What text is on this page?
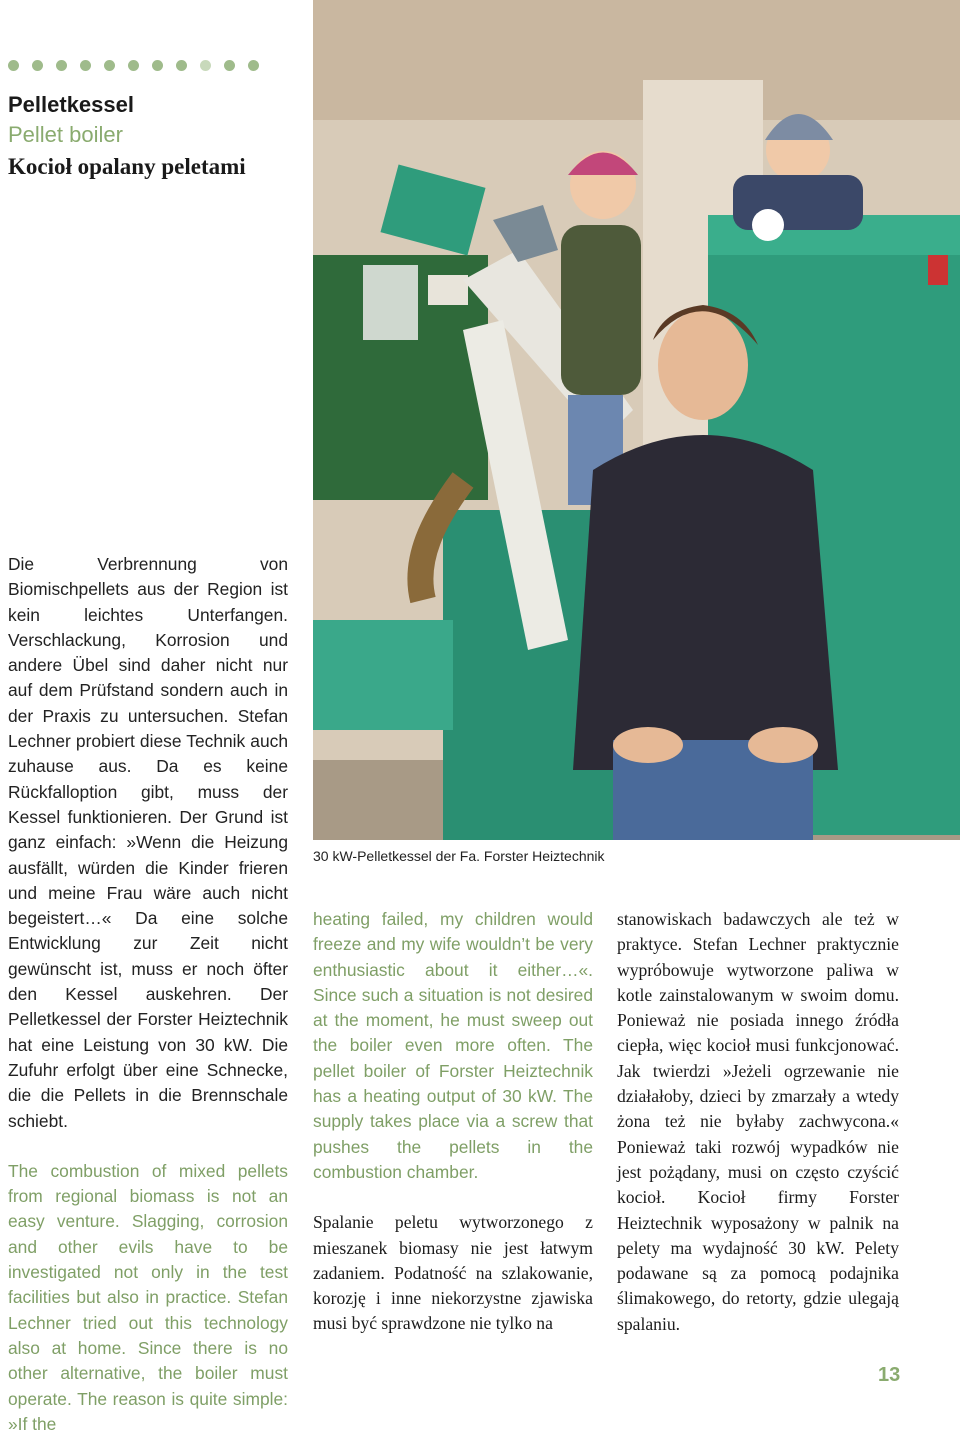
Pelletkessel
Pellet boiler
Kocioł opalany peletami
30 kW-Pelletkessel der Fa. Forster Heiztechnik

Die Verbrennung von Biomischpellets aus der Region ist kein leichtes Unterfangen. Verschlackung, Korrosion und andere Übel sind daher nicht nur auf dem Prüfstand sondern auch in der Praxis zu untersuchen. Stefan Lechner probiert diese Technik auch zuhause aus. Da es keine Rückfalloption gibt, muss der Kessel funktionieren. Der Grund ist ganz einfach: »Wenn die Heizung ausfällt, würden die Kinder frieren und meine Frau wäre auch nicht begeistert…« Da eine solche Entwicklung zur Zeit nicht gewünscht ist, muss er noch öfter den Kessel auskehren. Der Pelletkessel der Forster Heiztechnik hat eine Leistung von 30 kW. Die Zufuhr erfolgt über eine Schnecke, die die Pellets in die Brennschale schiebt.

The combustion of mixed pellets from regional biomass is not an easy venture. Slagging, corrosion and other evils have to be investigated not only in the test facilities but also in practice. Stefan Lechner tried out this technology also at home. Since there is no other alternative, the boiler must operate. The reason is quite simple: »If the

heating failed, my children would freeze and my wife wouldn’t be very enthusiastic about it either…«. Since such a situation is not desired at the moment, he must sweep out the boiler even more often. The pellet boiler of Forster Heiztechnik has a heating output of 30 kW. The supply takes place via a screw that pushes the pellets in the combustion chamber.

Spalanie peletu wytworzonego z mieszanek biomasy nie jest łatwym zadaniem. Podatność na szlakowanie, korozję i inne niekorzystne zjawiska musi być sprawdzone nie tylko na

stanowiskach badawczych ale też w praktyce. Stefan Lechner praktycznie wypróbowuje wytworzone paliwa w kotle zainstalowanym w swoim domu. Ponieważ nie posiada innego źródła ciepła, więc kocioł musi funkcjonować. Jak twierdzi »Jeżeli ogrzewanie nie działałoby, dzieci by zmarzały a wtedy żona też nie byłaby zachwycona.« Ponieważ taki rozwój wypadków nie jest pożądany, musi on często czyścić kocioł. Kocioł firmy Forster Heiztechnik wyposażony w palnik na pelety ma wydajność 30 kW. Pelety podawane są za pomocą podajnika ślimakowego, do retorty, gdzie ulegają spalaniu.

13
